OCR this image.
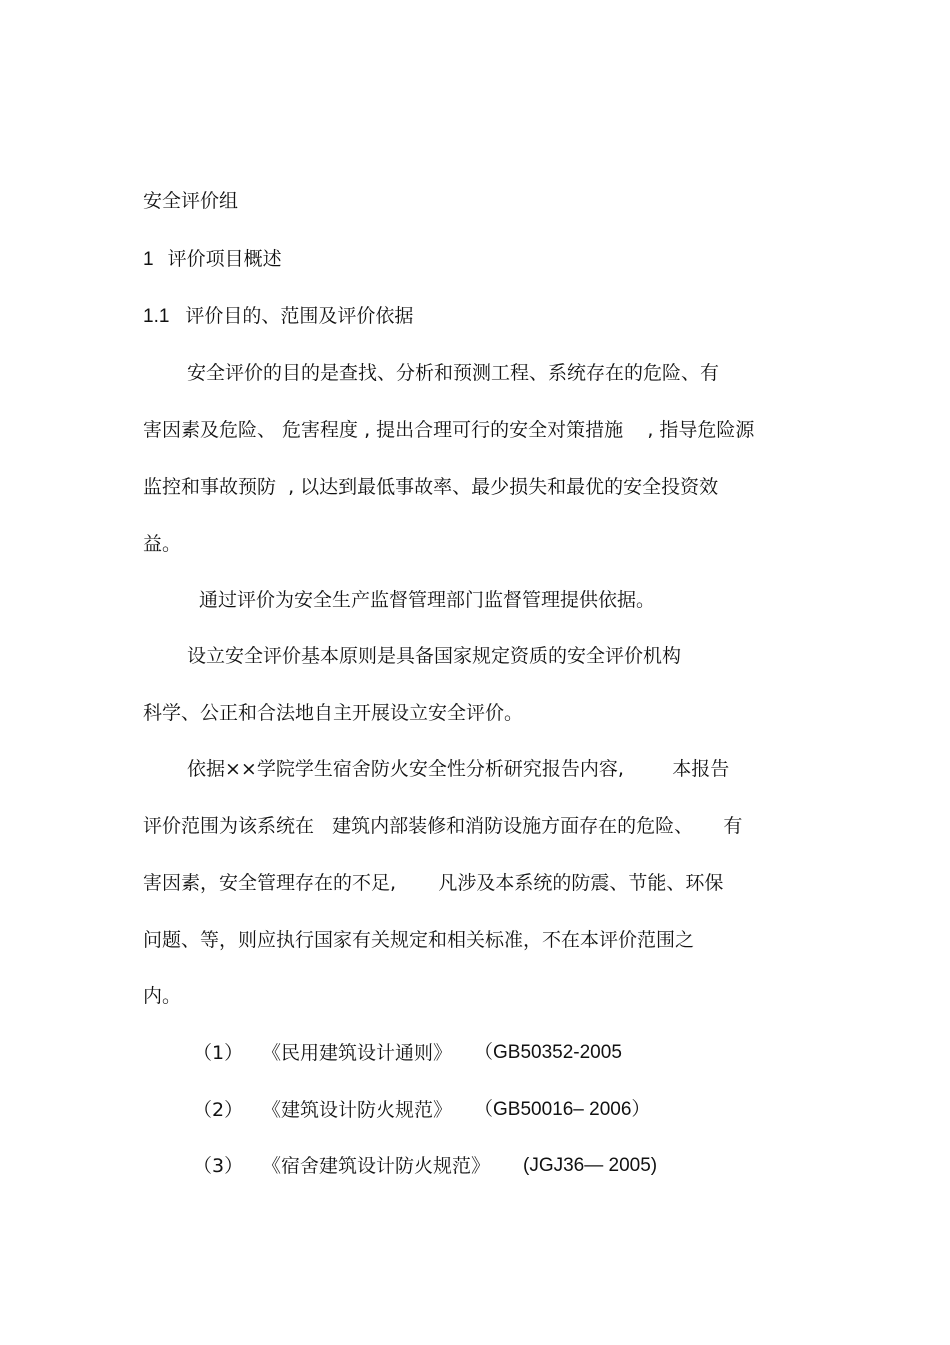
安全评价组
1 评价项目概述
1.1 评价目的、范围及评价依据
安全评价的目的是查找、分析和预测工程、系统存在的危险、有
害因素及危险、 危害程度 , 提出合理可行的安全对策措施    , 指导危险源
监控和事故预防  , 以达到最低事故率、最少损失和最优的安全投资效
益。
通过评价为安全生产监督管理部门监督管理提供依据。
设立安全评价基本原则是具备国家规定资质的安全评价机构
科学、公正和合法地自主开展设立安全评价。
依据××学院学生宿舍防火安全性分析研究报告内容,        本报告
评价范围为该系统在   建筑内部装修和消防设施方面存在的危险、     有
害因素，安全管理存在的不足,       凡涉及本系统的防震、节能、环保
问题、等，则应执行国家有关规定和相关标准，不在本评价范围之
内。
（1） 《民用建筑设计通则》 （GB50352-2005
（2） 《建筑设计防火规范》 （GB50016– 2006）
（3） 《宿舍建筑设计防火规范》 (JGJ36— 2005)
